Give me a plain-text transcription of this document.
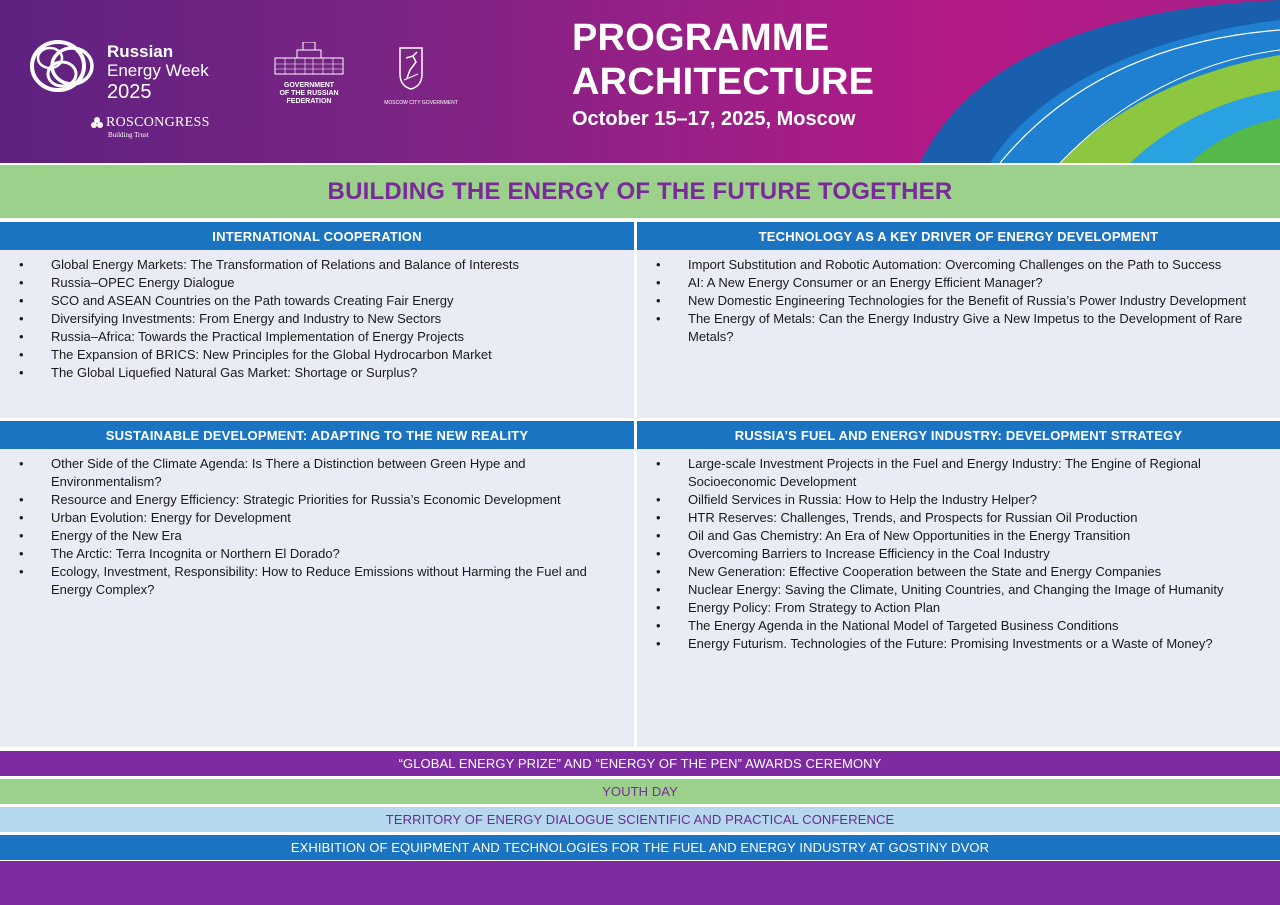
Russian
Energy Week
2025
ROSCONGRESS
Building Trust
GOVERNMENT
OF THE RUSSIAN
FEDERATION	MOSCOW CITY GOVERNMENT
PROGRAMME
ARCHITECTURE
October 15–17, 2025, Moscow
BUILDING THE ENERGY OF THE FUTURE TOGETHER
INTERNATIONAL COOPERATION
• Global Energy Markets: The Transformation of Relations and Balance of Interests
• Russia–OPEC Energy Dialogue
• SCO and ASEAN Countries on the Path towards Creating Fair Energy
• Diversifying Investments: From Energy and Industry to New Sectors
• Russia–Africa: Towards the Practical Implementation of Energy Projects
• The Expansion of BRICS: New Principles for the Global Hydrocarbon Market
• The Global Liquefied Natural Gas Market: Shortage or Surplus?
TECHNOLOGY AS A KEY DRIVER OF ENERGY DEVELOPMENT
• Import Substitution and Robotic Automation: Overcoming Challenges on the Path to Success
• AI: A New Energy Consumer or an Energy Efficient Manager?
• New Domestic Engineering Technologies for the Benefit of Russia’s Power Industry Development
• The Energy of Metals: Can the Energy Industry Give a New Impetus to the Development of Rare Metals?
SUSTAINABLE DEVELOPMENT: ADAPTING TO THE NEW REALITY
• Other Side of the Climate Agenda: Is There a Distinction between Green Hype and Environmentalism?
• Resource and Energy Efficiency: Strategic Priorities for Russia’s Economic Development
• Urban Evolution: Energy for Development
• Energy of the New Era
• The Arctic: Terra Incognita or Northern El Dorado?
• Ecology, Investment, Responsibility: How to Reduce Emissions without Harming the Fuel and Energy Complex?
RUSSIA’S FUEL AND ENERGY INDUSTRY: DEVELOPMENT STRATEGY
• Large-scale Investment Projects in the Fuel and Energy Industry: The Engine of Regional Socioeconomic Development
• Oilfield Services in Russia: How to Help the Industry Helper?
• HTR Reserves: Challenges, Trends, and Prospects for Russian Oil Production
• Oil and Gas Chemistry: An Era of New Opportunities in the Energy Transition
• Overcoming Barriers to Increase Efficiency in the Coal Industry
• New Generation: Effective Cooperation between the State and Energy Companies
• Nuclear Energy: Saving the Climate, Uniting Countries, and Changing the Image of Humanity
• Energy Policy: From Strategy to Action Plan
• The Energy Agenda in the National Model of Targeted Business Conditions
• Energy Futurism. Technologies of the Future: Promising Investments or a Waste of Money?
“GLOBAL ENERGY PRIZE” AND “ENERGY OF THE PEN” AWARDS CEREMONY
YOUTH DAY
TERRITORY OF ENERGY DIALOGUE SCIENTIFIC AND PRACTICAL CONFERENCE
EXHIBITION OF EQUIPMENT AND TECHNOLOGIES FOR THE FUEL AND ENERGY INDUSTRY AT GOSTINY DVOR
